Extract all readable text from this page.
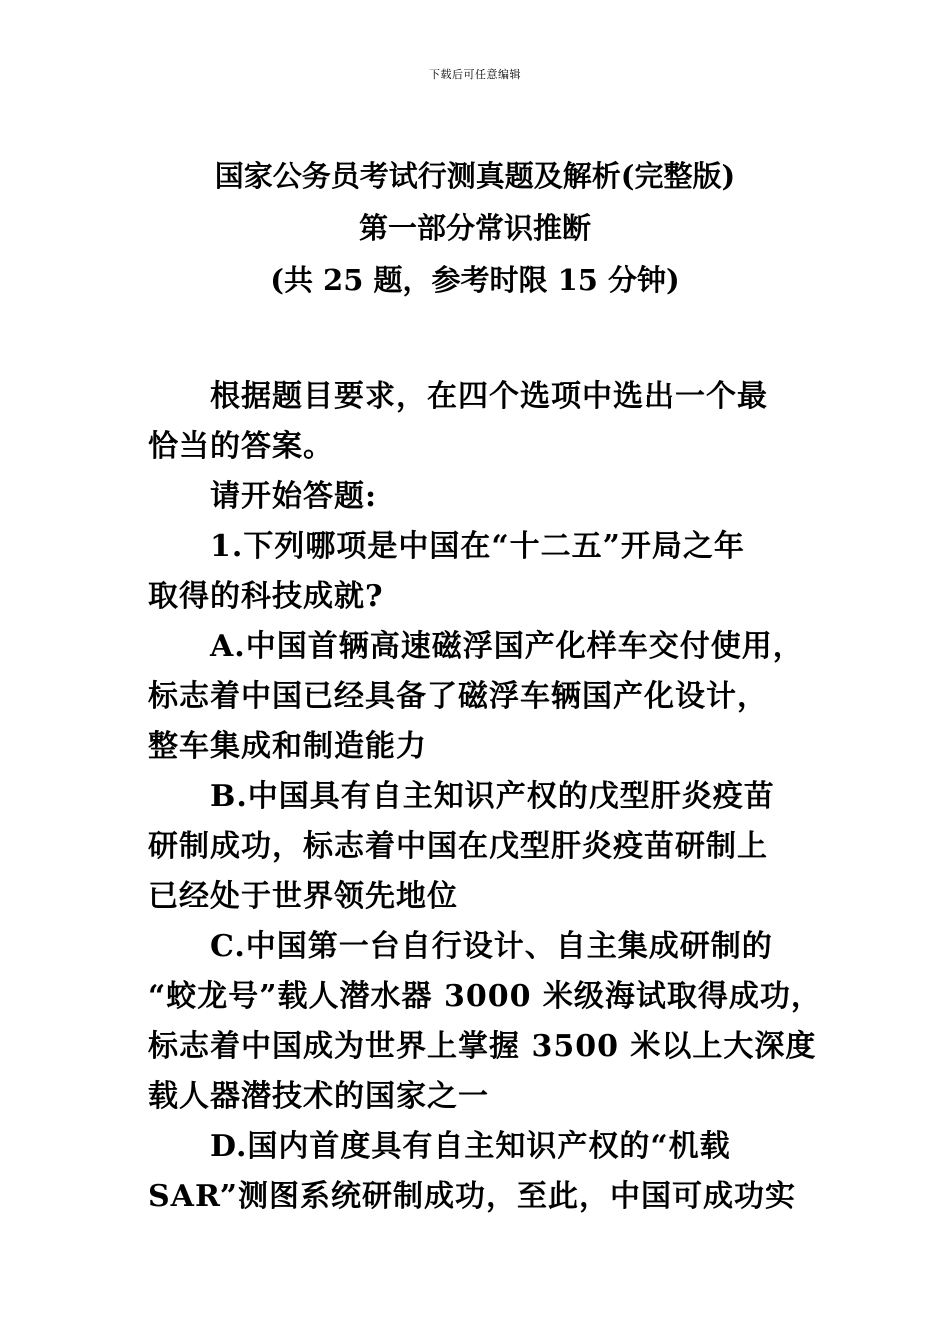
下载后可任意编辑
国家公务员考试行测真题及解析(完整版)
第一部分常识推断
(共 25 题，参考时限 15 分钟)

根据题目要求，在四个选项中选出一个最
恰当的答案。

请开始答题:

1.下列哪项是中国在“十二五”开局之年
取得的科技成就?

A.中国首辆高速磁浮国产化样车交付使用，
标志着中国已经具备了磁浮车辆国产化设计，
整车集成和制造能力

B.中国具有自主知识产权的戊型肝炎疫苗
研制成功，标志着中国在戊型肝炎疫苗研制上
已经处于世界领先地位

C.中国第一台自行设计、自主集成研制的
“蛟龙号”载人潜水器 3000 米级海试取得成功，
标志着中国成为世界上掌握 3500 米以上大深度
载人器潜技术的国家之一

D.国内首度具有自主知识产权的“机载
SAR”测图系统研制成功，至此，中国可成功实
